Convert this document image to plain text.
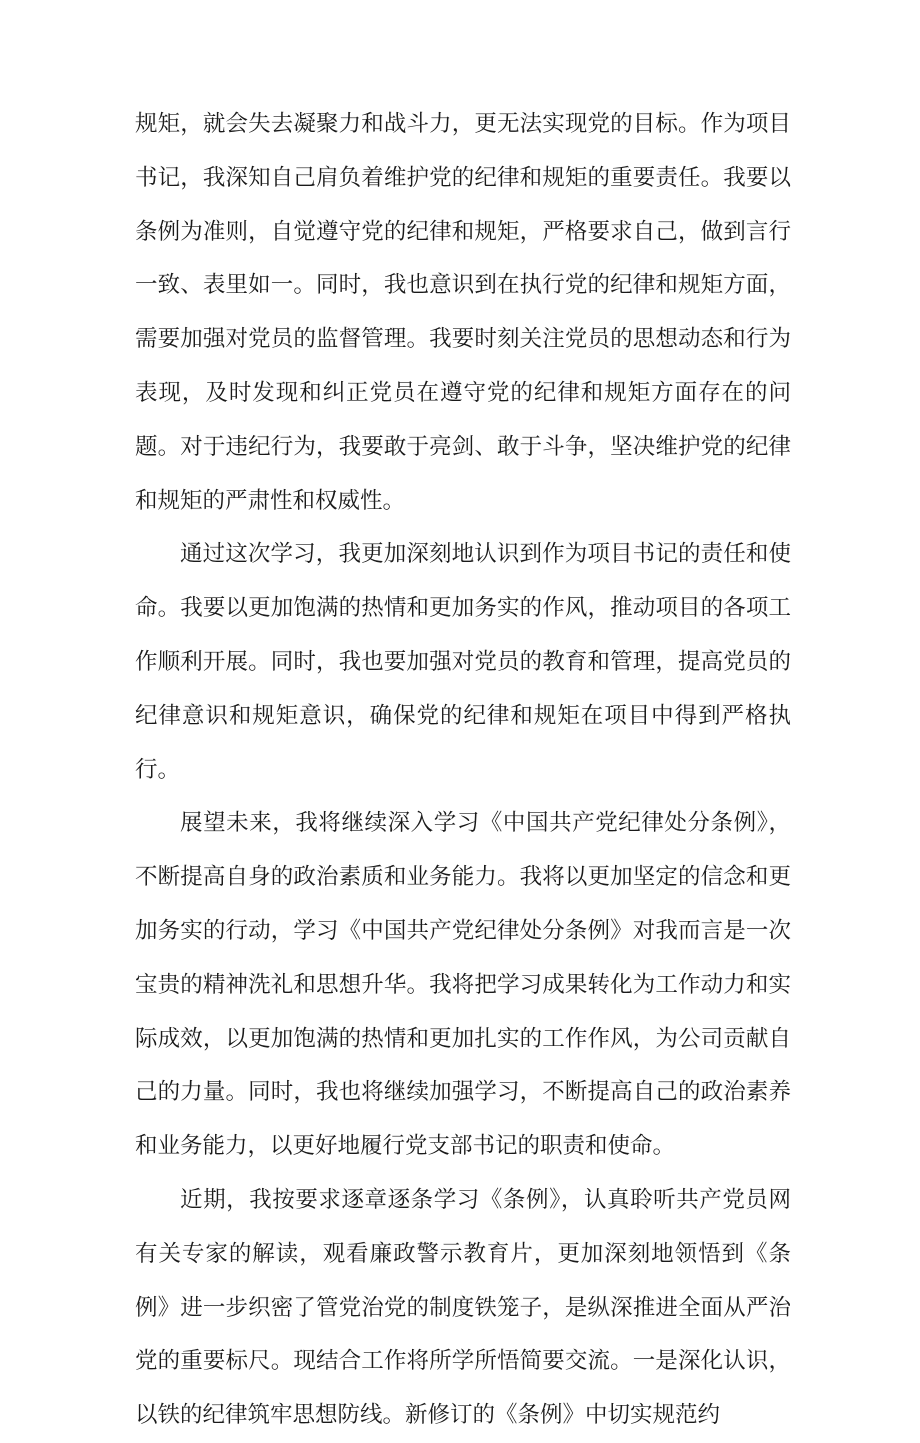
规矩，就会失去凝聚力和战斗力，更无法实现党的目标。作为项目书记，我深知自己肩负着维护党的纪律和规矩的重要责任。我要以条例为准则，自觉遵守党的纪律和规矩，严格要求自己，做到言行一致、表里如一。同时，我也意识到在执行党的纪律和规矩方面，需要加强对党员的监督管理。我要时刻关注党员的思想动态和行为表现，及时发现和纠正党员在遵守党的纪律和规矩方面存在的问题。对于违纪行为，我要敢于亮剑、敢于斗争，坚决维护党的纪律和规矩的严肃性和权威性。

通过这次学习，我更加深刻地认识到作为项目书记的责任和使命。我要以更加饱满的热情和更加务实的作风，推动项目的各项工作顺利开展。同时，我也要加强对党员的教育和管理，提高党员的纪律意识和规矩意识，确保党的纪律和规矩在项目中得到严格执行。

展望未来，我将继续深入学习《中国共产党纪律处分条例》，不断提高自身的政治素质和业务能力。我将以更加坚定的信念和更加务实的行动，学习《中国共产党纪律处分条例》对我而言是一次宝贵的精神洗礼和思想升华。我将把学习成果转化为工作动力和实际成效，以更加饱满的热情和更加扎实的工作作风，为公司贡献自己的力量。同时，我也将继续加强学习，不断提高自己的政治素养和业务能力，以更好地履行党支部书记的职责和使命。

近期，我按要求逐章逐条学习《条例》，认真聆听共产党员网有关专家的解读，观看廉政警示教育片，更加深刻地领悟到《条例》进一步织密了管党治党的制度铁笼子，是纵深推进全面从严治党的重要标尺。现结合工作将所学所悟简要交流。一是深化认识，以铁的纪律筑牢思想防线。新修订的《条例》中切实规范约
